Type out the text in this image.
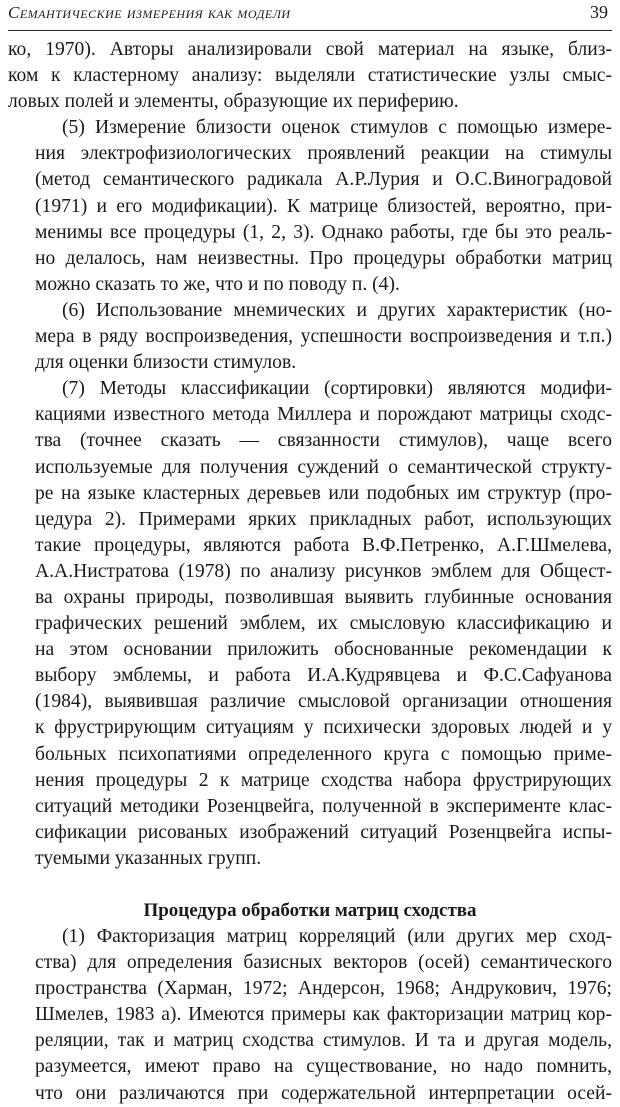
Семантические измерения как модели	39
ко, 1970). Авторы анализировали свой материал на языке, близ-
ком к кластерному анализу: выделяли статистические узлы смыс-
ловых полей и элементы, образующие их периферию.
(5) Измерение близости оценок стимулов с помощью измере-
ния электрофизиологических проявлений реакции на стимулы
(метод семантического радикала А.Р.Лурия и О.С.Виноградовой
(1971) и его модификации). К матрице близостей, вероятно, при-
менимы все процедуры (1, 2, 3). Однако работы, где бы это реаль-
но делалось, нам неизвестны. Про процедуры обработки матриц
можно сказать то же, что и по поводу п. (4).
(6) Использование мнемических и других характеристик (но-
мера в ряду воспроизведения, успешности воспроизведения и т.п.)
для оценки близости стимулов.
(7) Методы классификации (сортировки) являются модифи-
кациями известного метода Миллера и порождают матрицы сходс-
тва (точнее сказать — связанности стимулов), чаще всего
используемые для получения суждений о семантической структу-
ре на языке кластерных деревьев или подобных им структур (про-
цедура 2). Примерами ярких прикладных работ, использующих
такие процедуры, являются работа В.Ф.Петренко, А.Г.Шмелева,
А.А.Нистратова (1978) по анализу рисунков эмблем для Общест-
ва охраны природы, позволившая выявить глубинные основания
графических решений эмблем, их смысловую классификацию и
на этом основании приложить обоснованные рекомендации к
выбору эмблемы, и работа И.А.Кудрявцева и Ф.С.Сафуанова
(1984), выявившая различие смысловой организации отношения
к фрустрирующим ситуациям у психически здоровых людей и у
больных психопатиями определенного круга с помощью приме-
нения процедуры 2 к матрице сходства набора фрустрирующих
ситуаций методики Розенцвейга, полученной в эксперименте клас-
сификации рисованых изображений ситуаций Розенцвейга испы-
туемыми указанных групп.
Процедура обработки матриц сходства
(1) Факторизация матриц корреляций (или других мер сход-
ства) для определения базисных векторов (осей) семантического
пространства (Харман, 1972; Андерсон, 1968; Андрукович, 1976;
Шмелев, 1983 а). Имеются примеры как факторизации матриц кор-
реляции, так и матриц сходства стимулов. И та и другая модель,
разумеется, имеют право на существование, но надо помнить,
что они различаются при содержательной интерпретации осей-
